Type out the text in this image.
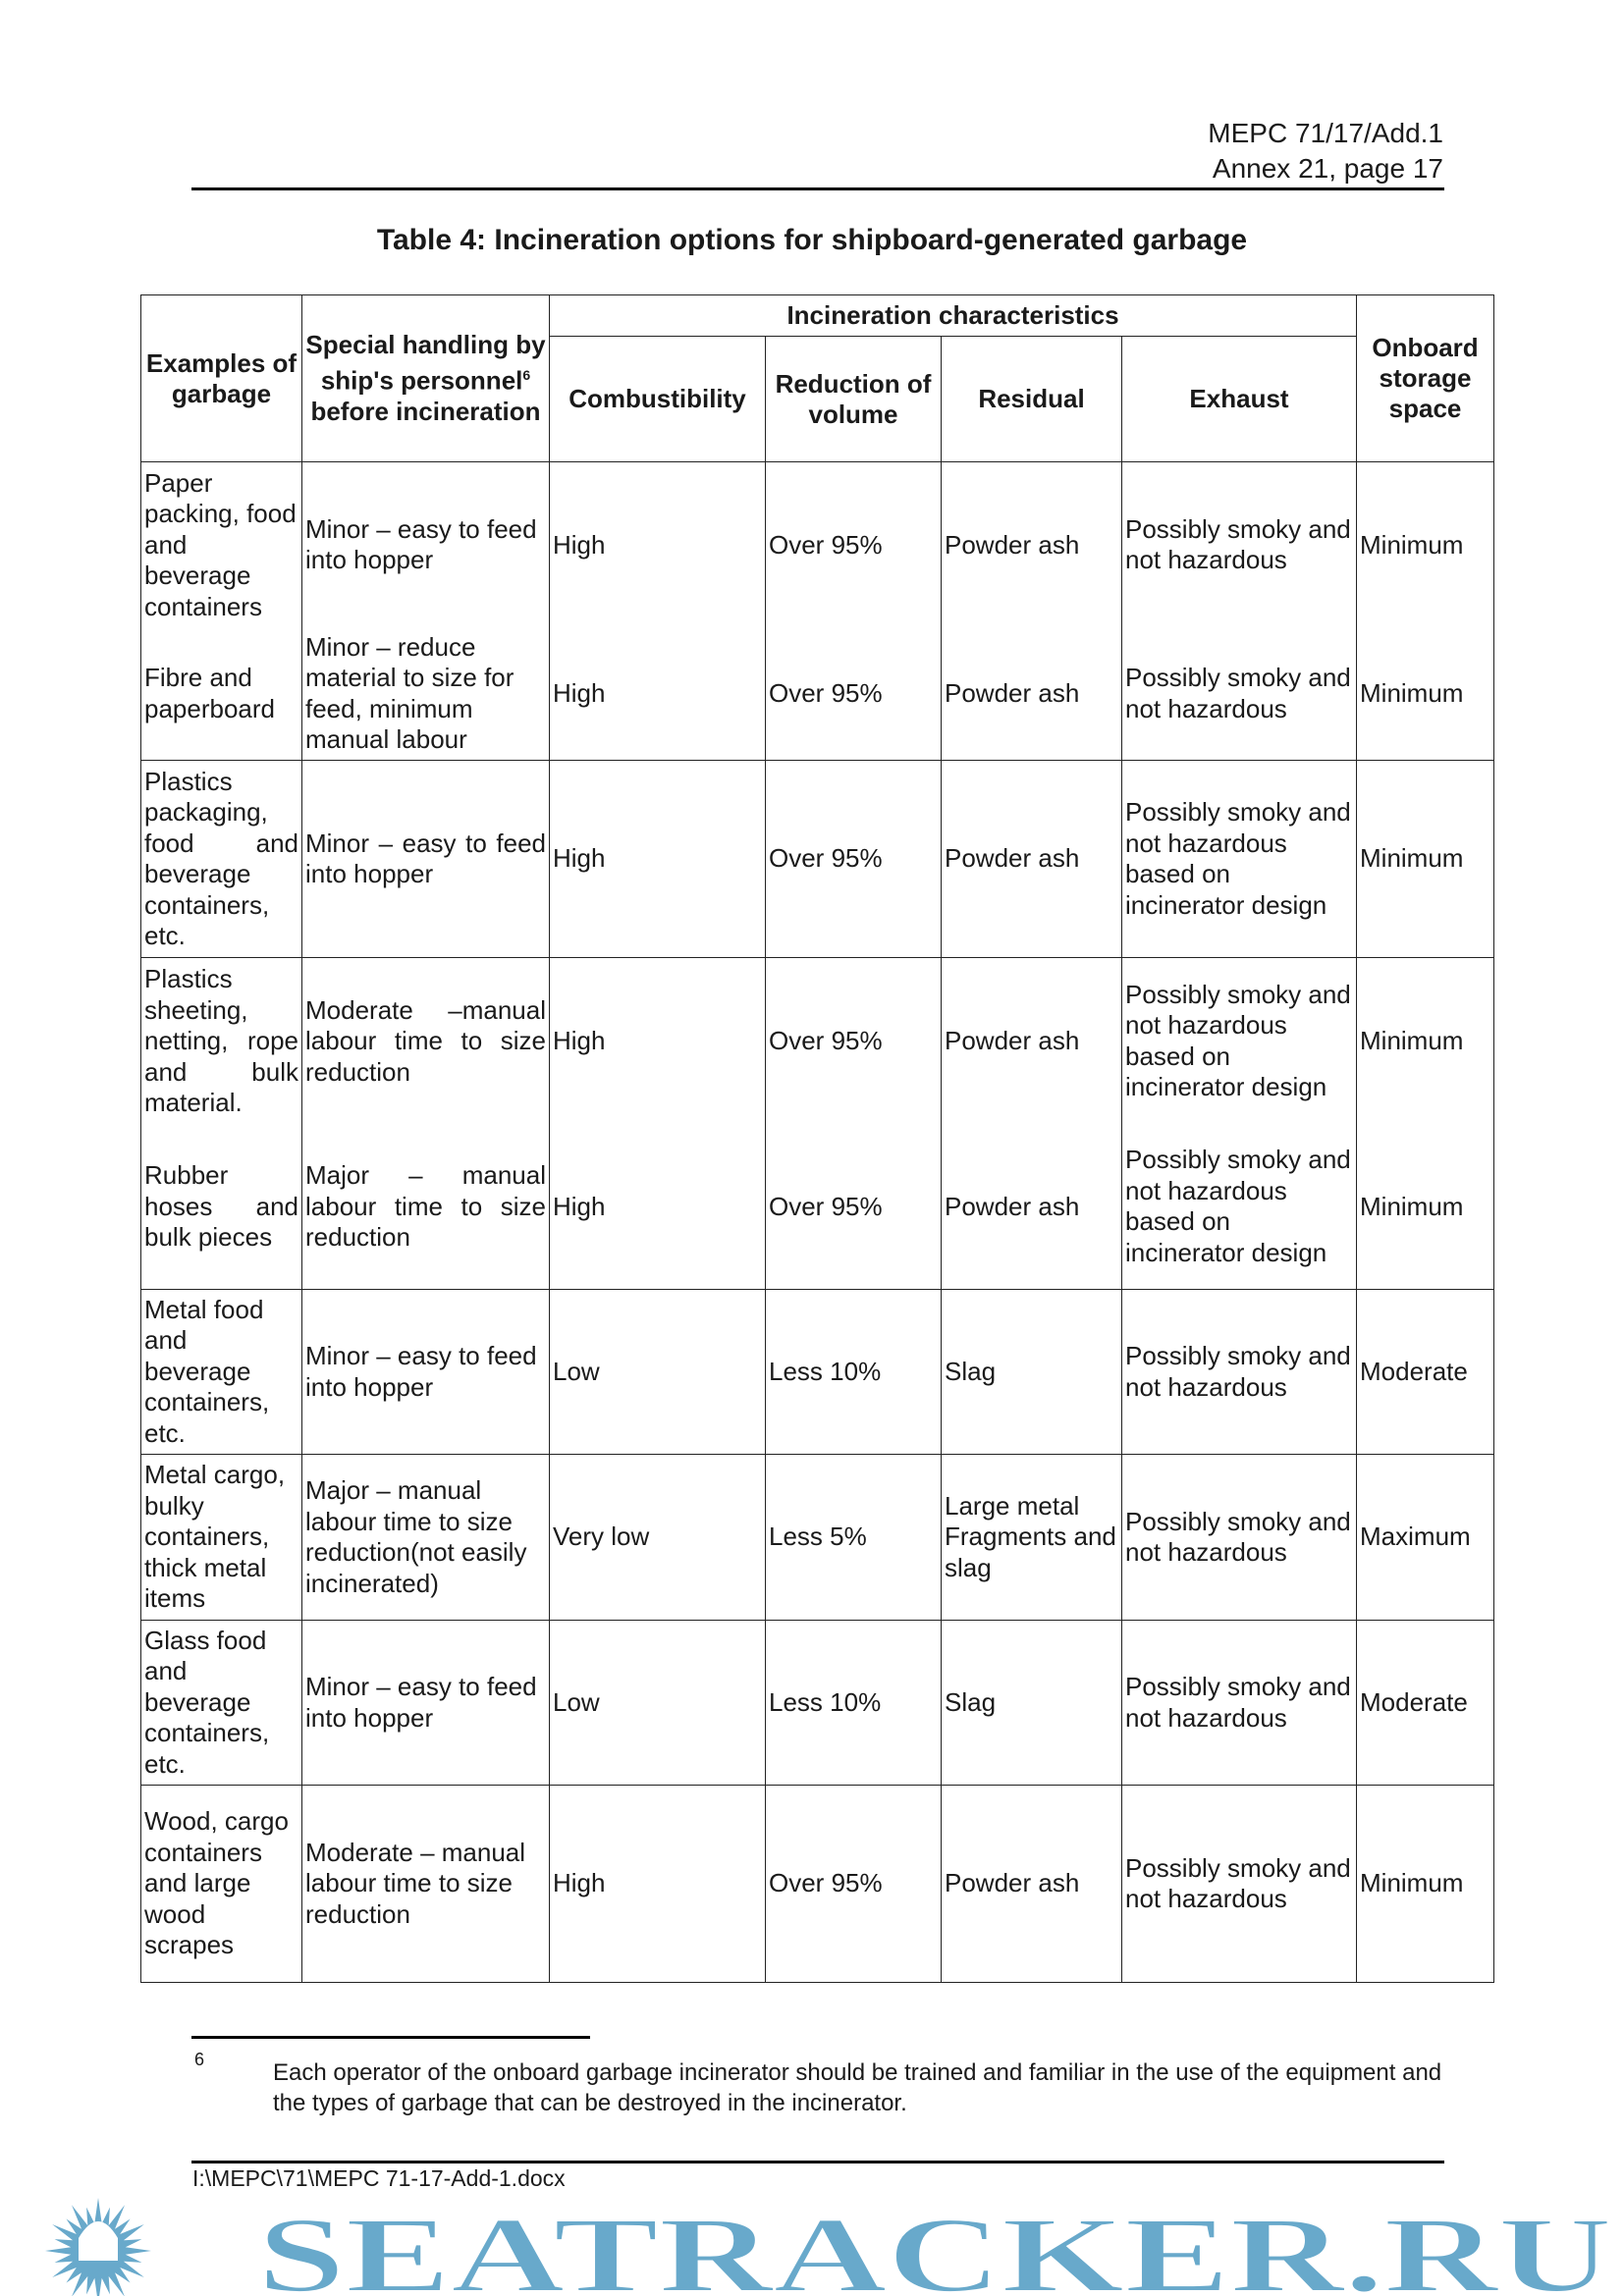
MEPC 71/17/Add.1
Annex 21, page 17
Table 4: Incineration options for shipboard-generated garbage
Examples of garbage	Special handling by ship's personnel$^6$ before incineration	Incineration characteristics				Onboard storage space
		Combustibility	Reduction of volume	Residual	Exhaust	
Paper packing, food and beverage containers	Minor – easy to feed into hopper	High	Over 95%	Powder ash	Possibly smoky and not hazardous	Minimum
Fibre and paperboard	Minor – reduce material to size for feed, minimum manual labour	High	Over 95%	Powder ash	Possibly smoky and not hazardous	Minimum
Plastics packaging, food and beverage containers, etc.	Minor – easy to feed into hopper	High	Over 95%	Powder ash	Possibly smoky and not hazardous based on incinerator design	Minimum
Plastics sheeting, netting, rope and bulk material.	Moderate –manual labour time to size reduction	High	Over 95%	Powder ash	Possibly smoky and not hazardous based on incinerator design	Minimum
Rubber hoses and bulk pieces	Major – manual labour time to size reduction	High	Over 95%	Powder ash	Possibly smoky and not hazardous based on incinerator design	Minimum
Metal food and beverage containers, etc.	Minor – easy to feed into hopper	Low	Less 10%	Slag	Possibly smoky and not hazardous	Moderate
Metal cargo, bulky containers, thick metal items	Major – manual labour time to size reduction(not easily incinerated)	Very low	Less 5%	Large metal Fragments and slag	Possibly smoky and not hazardous	Maximum
Glass food and beverage containers, etc.	Minor – easy to feed into hopper	Low	Less 10%	Slag	Possibly smoky and not hazardous	Moderate
Wood, cargo containers and large wood scrapes	Moderate – manual labour time to size reduction	High	Over 95%	Powder ash	Possibly smoky and not hazardous	Minimum
6	Each operator of the onboard garbage incinerator should be trained and familiar in the use of the equipment and the types of garbage that can be destroyed in the incinerator.
I:\MEPC\71\MEPC 71-17-Add-1.docx
SEATRACKER.RU
